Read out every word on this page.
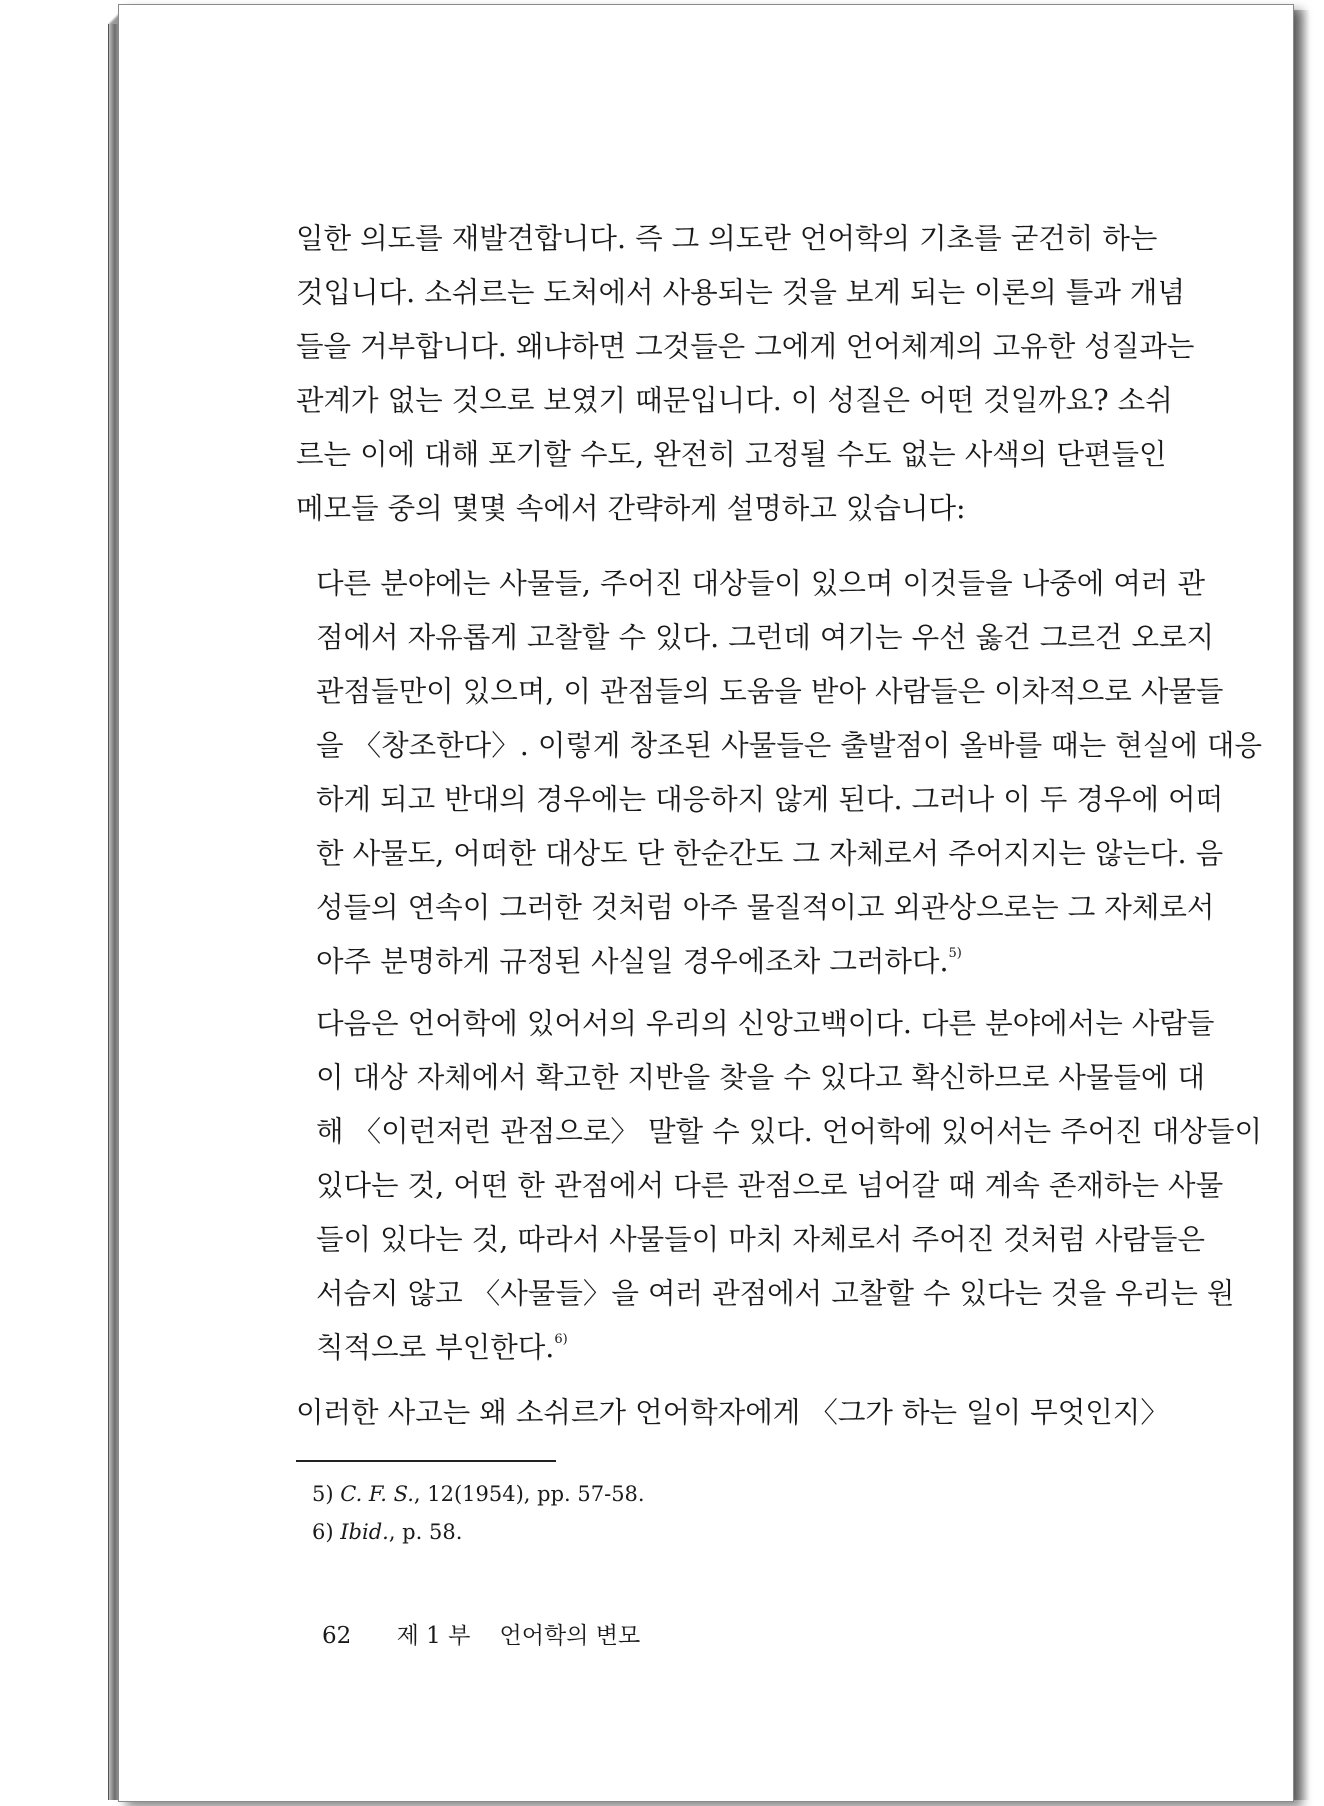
일한 의도를 재발견합니다. 즉 그 의도란 언어학의 기초를 굳건히 하는
것입니다. 소쉬르는 도처에서 사용되는 것을 보게 되는 이론의 틀과 개념
들을 거부합니다. 왜냐하면 그것들은 그에게 언어체계의 고유한 성질과는
관계가 없는 것으로 보였기 때문입니다. 이 성질은 어떤 것일까요? 소쉬
르는 이에 대해 포기할 수도, 완전히 고정될 수도 없는 사색의 단편들인
메모들 중의 몇몇 속에서 간략하게 설명하고 있습니다:
다른 분야에는 사물들, 주어진 대상들이 있으며 이것들을 나중에 여러 관
점에서 자유롭게 고찰할 수 있다. 그런데 여기는 우선 옳건 그르건 오로지
관점들만이 있으며, 이 관점들의 도움을 받아 사람들은 이차적으로 사물들
을 〈창조한다〉. 이렇게 창조된 사물들은 출발점이 올바를 때는 현실에 대응
하게 되고 반대의 경우에는 대응하지 않게 된다. 그러나 이 두 경우에 어떠
한 사물도, 어떠한 대상도 단 한순간도 그 자체로서 주어지지는 않는다. 음
성들의 연속이 그러한 것처럼 아주 물질적이고 외관상으로는 그 자체로서
아주 분명하게 규정된 사실일 경우에조차 그러하다.$^{5)}$
다음은 언어학에 있어서의 우리의 신앙고백이다. 다른 분야에서는 사람들
이 대상 자체에서 확고한 지반을 찾을 수 있다고 확신하므로 사물들에 대
해 〈이런저런 관점으로〉 말할 수 있다. 언어학에 있어서는 주어진 대상들이
있다는 것, 어떤 한 관점에서 다른 관점으로 넘어갈 때 계속 존재하는 사물
들이 있다는 것, 따라서 사물들이 마치 자체로서 주어진 것처럼 사람들은
서슴지 않고 〈사물들〉을 여러 관점에서 고찰할 수 있다는 것을 우리는 원
칙적으로 부인한다.$^{6)}$
이러한 사고는 왜 소쉬르가 언어학자에게 〈그가 하는 일이 무엇인지〉
5) C. F. S., 12(1954), pp. 57-58.
6) Ibid., p. 58.
62 제 1 부 언어학의 변모
